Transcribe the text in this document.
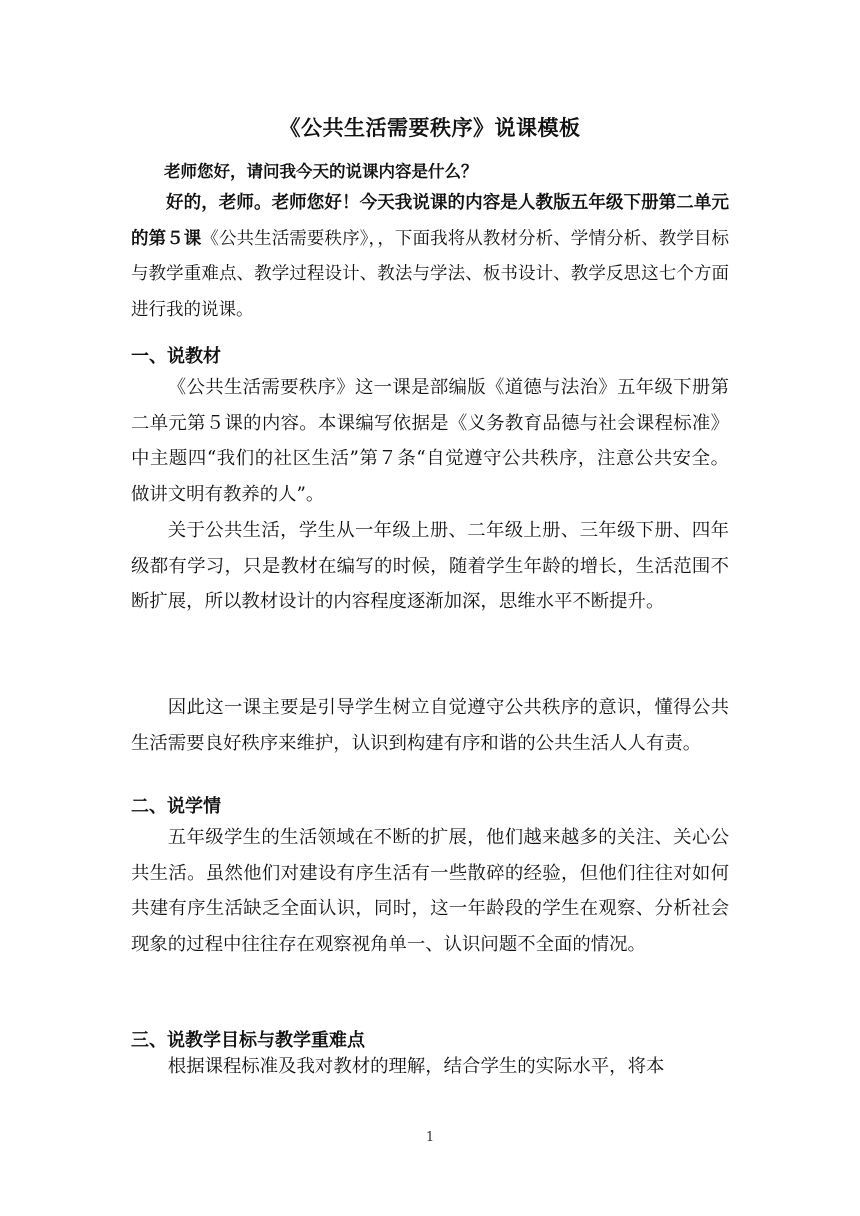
《公共生活需要秩序》说课模板
老师您好，请问我今天的说课内容是什么？

好的，老师。老师您好！今天我说课的内容是人教版五年级下册第二单元的第５课《公共生活需要秩序》，，下面我将从教材分析、学情分析、教学目标与教学重难点、教学过程设计、教法与学法、板书设计、教学反思这七个方面进行我的说课。

一、说教材

《公共生活需要秩序》这一课是部编版《道德与法治》五年级下册第二单元第５课的内容。本课编写依据是《义务教育品德与社会课程标准》中主题四“我们的社区生活”第７条“自觉遵守公共秩序，注意公共安全。做讲文明有教养的人”。

关于公共生活，学生从一年级上册、二年级上册、三年级下册、四年级都有学习，只是教材在编写的时候，随着学生年龄的增长，生活范围不断扩展，所以教材设计的内容程度逐渐加深，思维水平不断提升。

因此这一课主要是引导学生树立自觉遵守公共秩序的意识，懂得公共生活需要良好秩序来维护，认识到构建有序和谐的公共生活人人有责。

二、说学情

五年级学生的生活领域在不断的扩展，他们越来越多的关注、关心公共生活。虽然他们对建设有序生活有一些散碎的经验，但他们往往对如何共建有序生活缺乏全面认识，同时，这一年龄段的学生在观察、分析社会现象的过程中往往存在观察视角单一、认识问题不全面的情况。

三、说教学目标与教学重难点

根据课程标准及我对教材的理解，结合学生的实际水平，将本

1
